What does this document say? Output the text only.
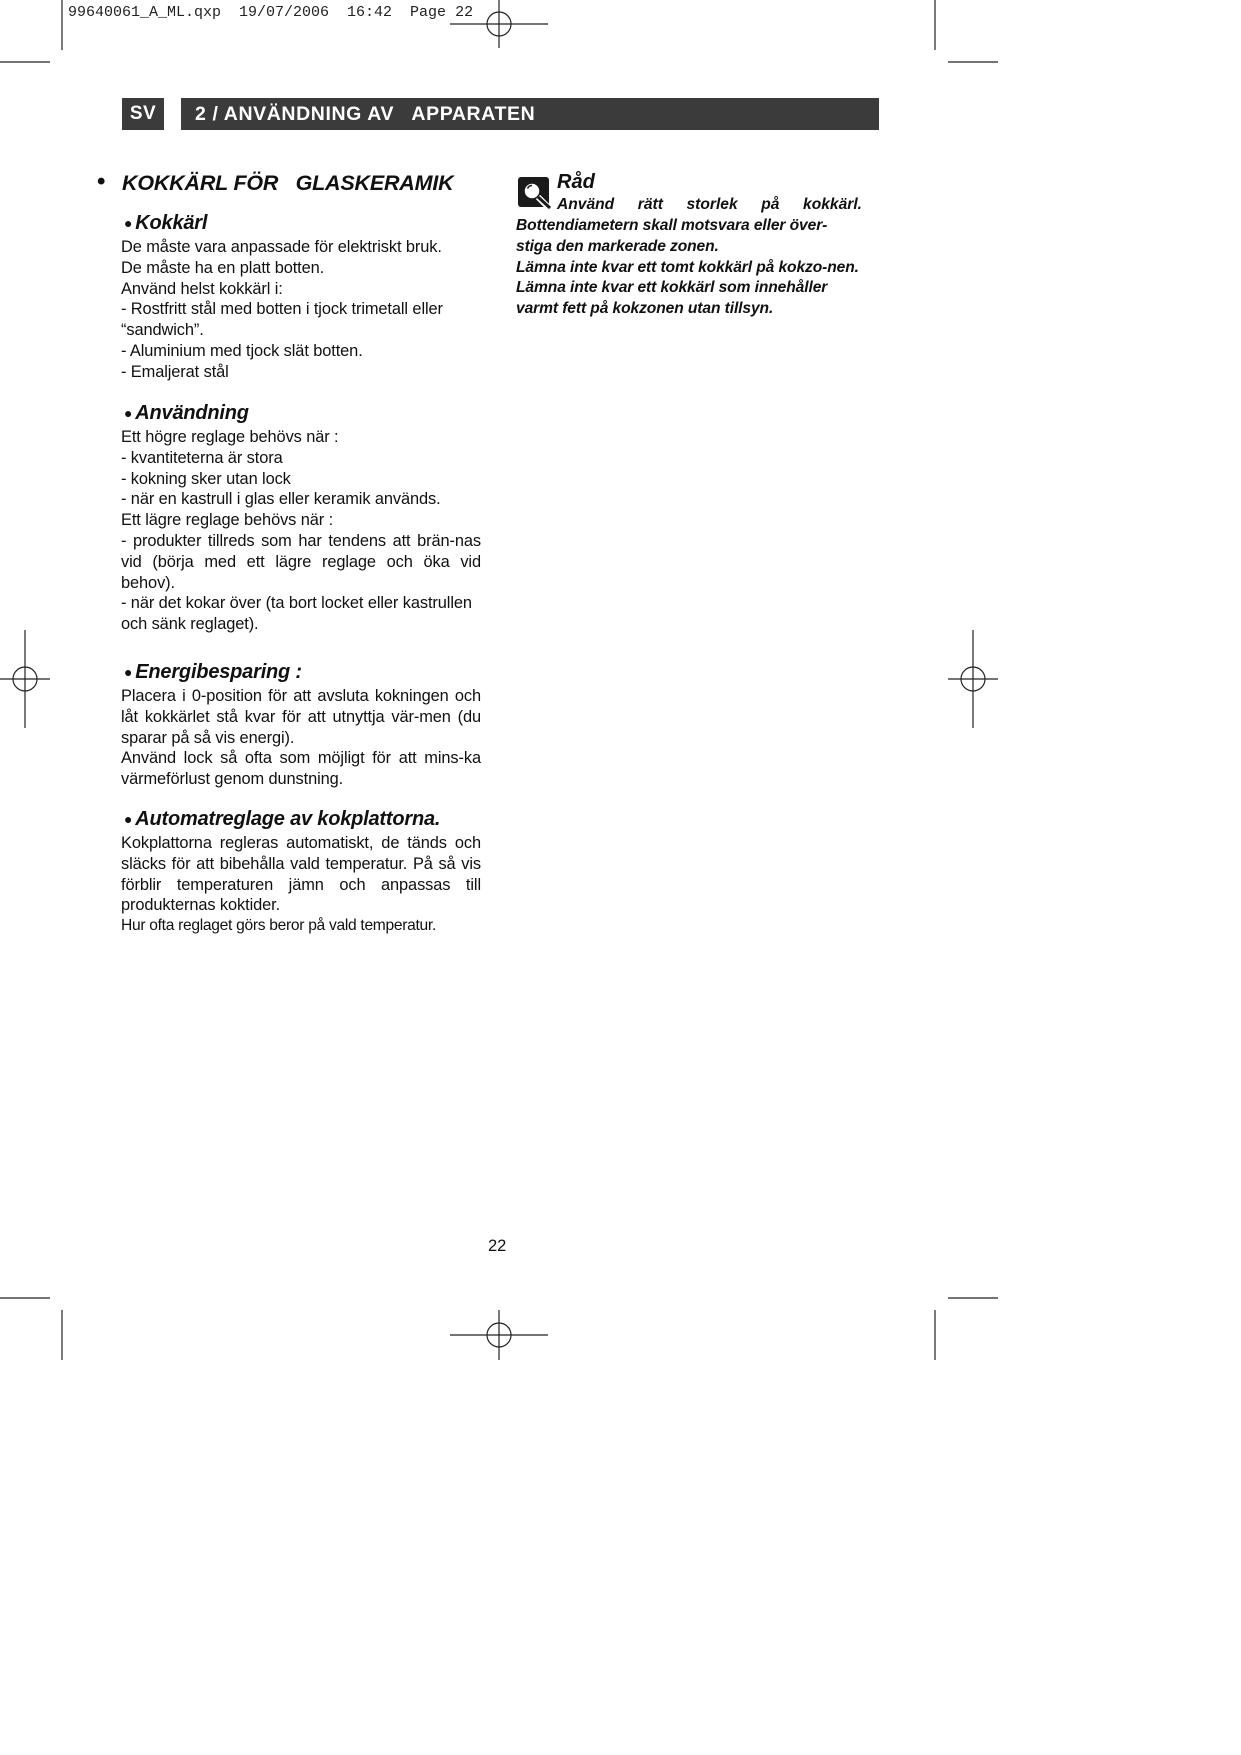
99640061_A_ML.qxp  19/07/2006  16:42  Page 22
SV	2 / ANVÄNDNING AV   APPARATEN
• KOKKÄRL FÖR   GLASKERAMIK
● Kokkärl

De måste vara anpassade för elektriskt bruk.

De måste ha en platt botten.

Använd helst kokkärl i:

- Rostfritt stål med botten i tjock trimetall eller “sandwich”.

- Aluminium med tjock slät botten.

- Emaljerat stål

● Användning

Ett högre reglage behövs när :

- kvantiteterna är stora

- kokning sker utan lock

- när en kastrull i glas eller keramik används.

Ett lägre reglage behövs när :

- produkter tillreds som har tendens att brän-nas vid (börja med ett lägre reglage och öka vid behov).

- när det kokar över (ta bort locket eller kastrullen och sänk reglaget).

● Energibesparing :

Placera i 0-position för att avsluta kokningen och låt kokkärlet stå kvar för att utnyttja vär-men (du sparar på så vis energi).

Använd lock så ofta som möjligt för att mins-ka värmeförlust genom dunstning.

● Automatreglage av kokplattorna.

Kokplattorna regleras automatiskt, de tänds och släcks för att bibehålla vald temperatur. På så vis förblir temperaturen jämn och anpassas till produkternas koktider.

Hur ofta reglaget görs beror på vald temperatur.

Råd
Använd rätt storlek på kokkärl.

Bottendiametern skall motsvara eller över-stiga den markerade zonen.

Lämna inte kvar ett tomt kokkärl på kokzo-nen.

Lämna inte kvar ett kokkärl som innehåller varmt fett på kokzonen utan tillsyn.

22
